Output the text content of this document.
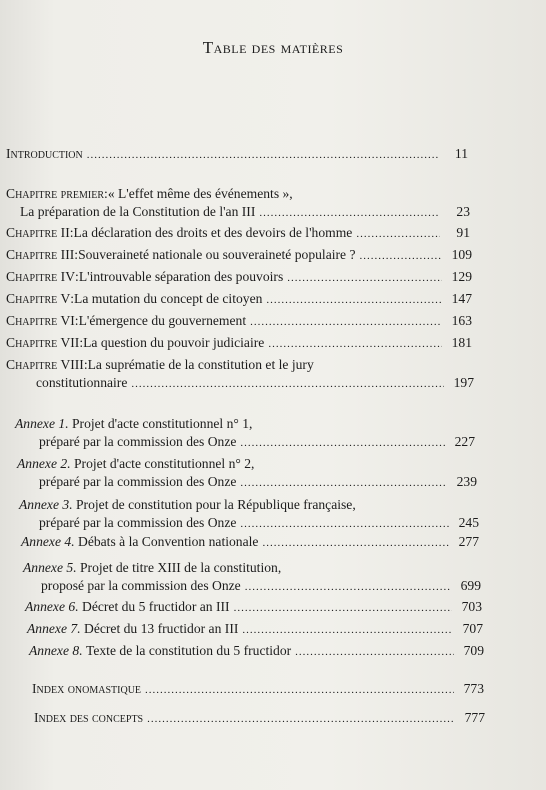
Table des matières
Introduction .....	11
Chapitre premier : « L'effet même des événements »,
La préparation de la Constitution de l'an III .....	23
Chapitre II : La déclaration des droits et des devoirs de l'homme .....	91
Chapitre III : Souveraineté nationale ou souveraineté populaire ? .....	109
Chapitre IV : L'introuvable séparation des pouvoirs .....	129
Chapitre V : La mutation du concept de citoyen .....	147
Chapitre VI : L'émergence du gouvernement .....	163
Chapitre VII : La question du pouvoir judiciaire .....	181
Chapitre VIII : La suprématie de la constitution et le jury
constitutionnaire .....	197
Annexe 1.
Projet d'acte constitutionnel n° 1,
préparé par la commission des Onze .....	227
Annexe 2.
Projet d'acte constitutionnel n° 2,
préparé par la commission des Onze .....	239
Annexe 3.
Projet de constitution pour la République française,
préparé par la commission des Onze .....	245
Annexe 4.
Débats à la Convention nationale .....	277
Annexe 5.
Projet de titre XIII de la constitution,
proposé par la commission des Onze .....	699
Annexe 6.
Décret du 5 fructidor an III .....	703
Annexe 7.
Décret du 13 fructidor an III .....	707
Annexe 8.
Texte de la constitution du 5 fructidor .....	709
Index onomastique .....	773
Index des concepts .....	777
